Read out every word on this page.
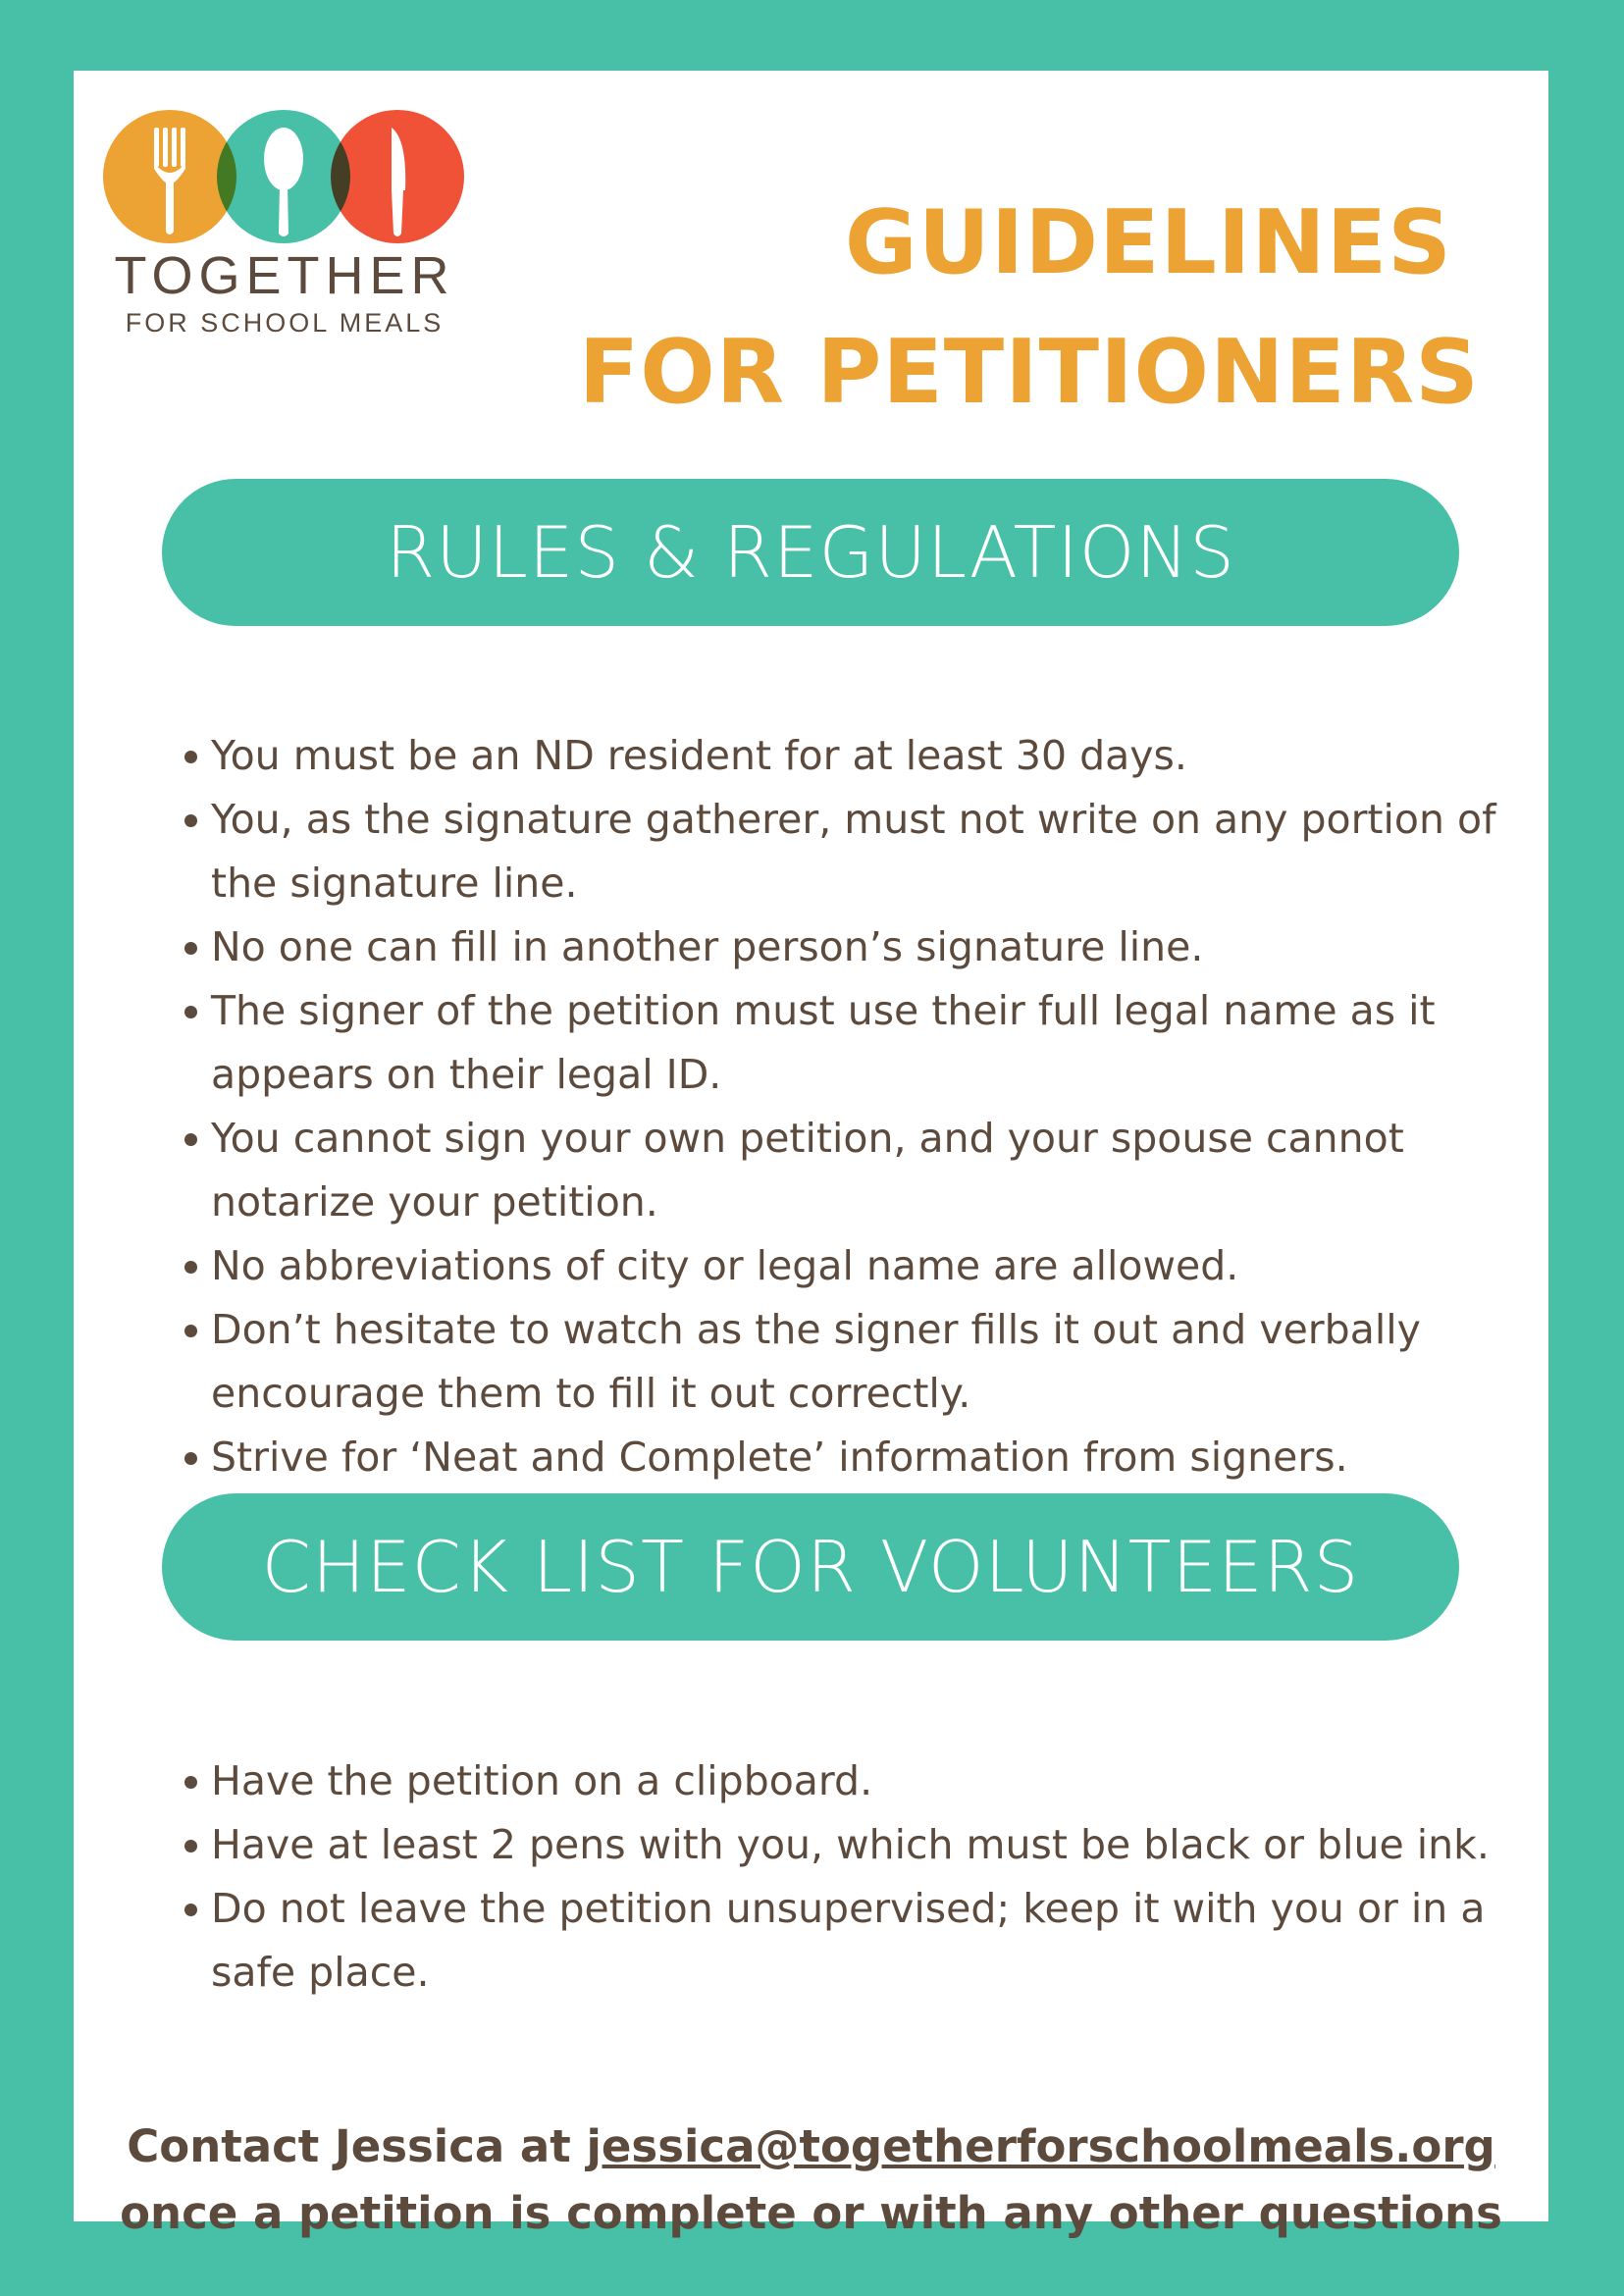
TOGETHER
FOR SCHOOL MEALS
GUIDELINES
FOR PETITIONERS
RULES & REGULATIONS
You must be an ND resident for at least 30 days.
You, as the signature gatherer, must not write on any portion of the signature line.
No one can fill in another person’s signature line.
The signer of the petition must use their full legal name as it appears on their legal ID.
You cannot sign your own petition, and your spouse cannot notarize your petition.
No abbreviations of city or legal name are allowed.
Don’t hesitate to watch as the signer fills it out and verbally encourage them to fill it out correctly.
Strive for ‘Neat and Complete’ information from signers.
CHECK LIST FOR VOLUNTEERS
Have the petition on a clipboard.
Have at least 2 pens with you, which must be black or blue ink.
Do not leave the petition unsupervised; keep it with you or in a safe place.
Contact Jessica at jessica@togetherforschoolmeals.org
once a petition is complete or with any other questions
